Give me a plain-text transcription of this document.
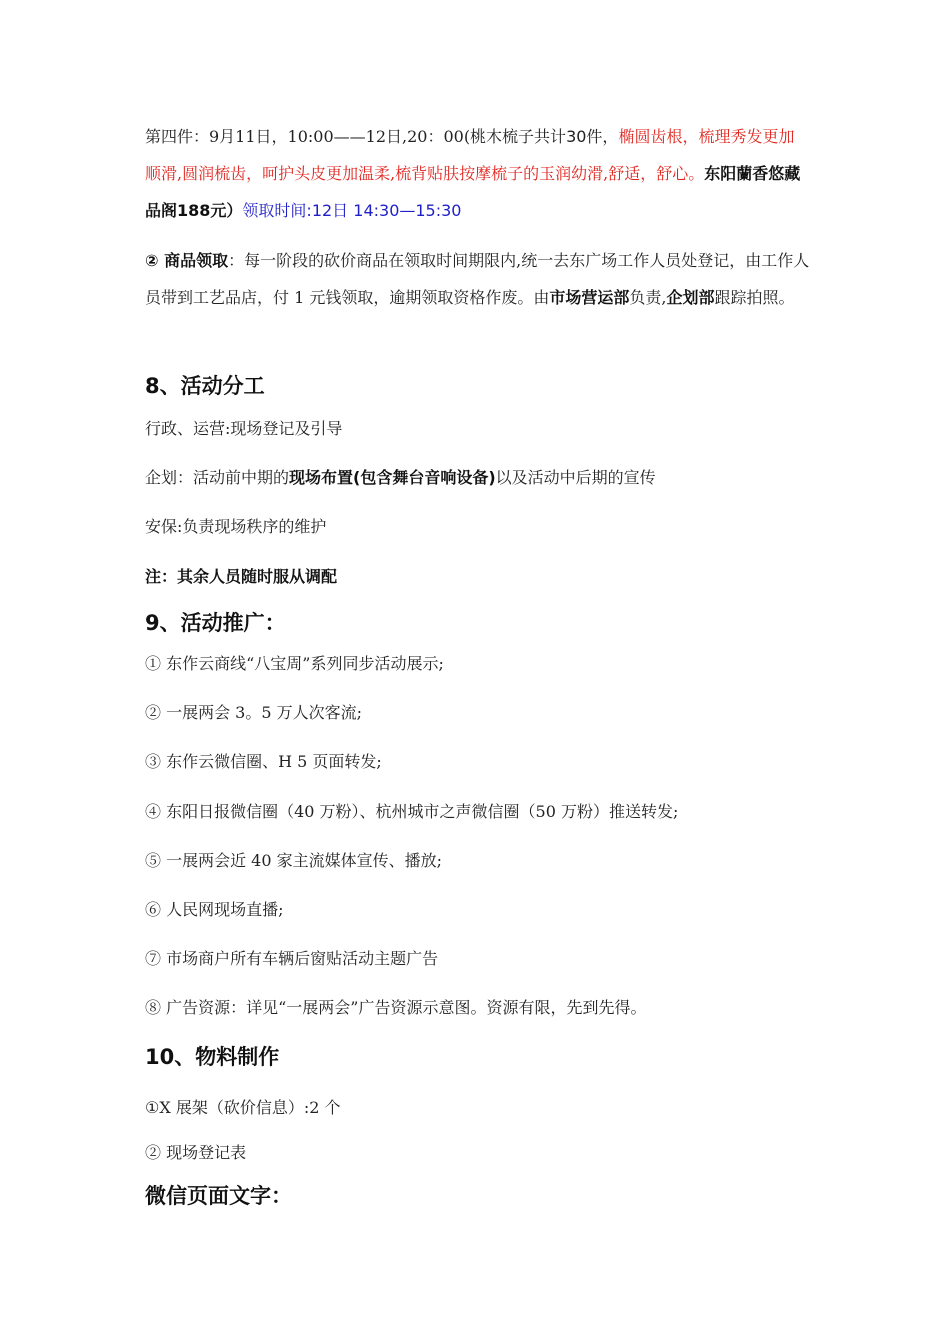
第四件：9月11日，10:00——12日,20：00(桃木梳子共计30件，椭圆齿根，梳理秀发更加顺滑,圆润梳齿，呵护头皮更加温柔,梳背贴肤按摩梳子的玉润幼滑,舒适，舒心。东阳蘭香悠藏品阁188元）领取时间:12日 14:30—15:30
② 商品领取：每一阶段的砍价商品在领取时间期限内,统一去东广场工作人员处登记，由工作人员带到工艺品店，付 1 元钱领取，逾期领取资格作废。由市场营运部负责,企划部跟踪拍照。
8、活动分工
行政、运营:现场登记及引导
企划：活动前中期的现场布置(包含舞台音响设备)以及活动中后期的宣传
安保:负责现场秩序的维护
注：其余人员随时服从调配
9、活动推广：
① 东作云商线“八宝周”系列同步活动展示;
② 一展两会 3。5 万人次客流;
③ 东作云微信圈、H 5 页面转发;
④ 东阳日报微信圈（40 万粉）、杭州城市之声微信圈（50 万粉）推送转发;
⑤ 一展两会近 40 家主流媒体宣传、播放;
⑥ 人民网现场直播;
⑦ 市场商户所有车辆后窗贴活动主题广告
⑧ 广告资源：详见“一展两会”广告资源示意图。资源有限，先到先得。
10、物料制作
①X 展架（砍价信息）:2 个
② 现场登记表
微信页面文字：
